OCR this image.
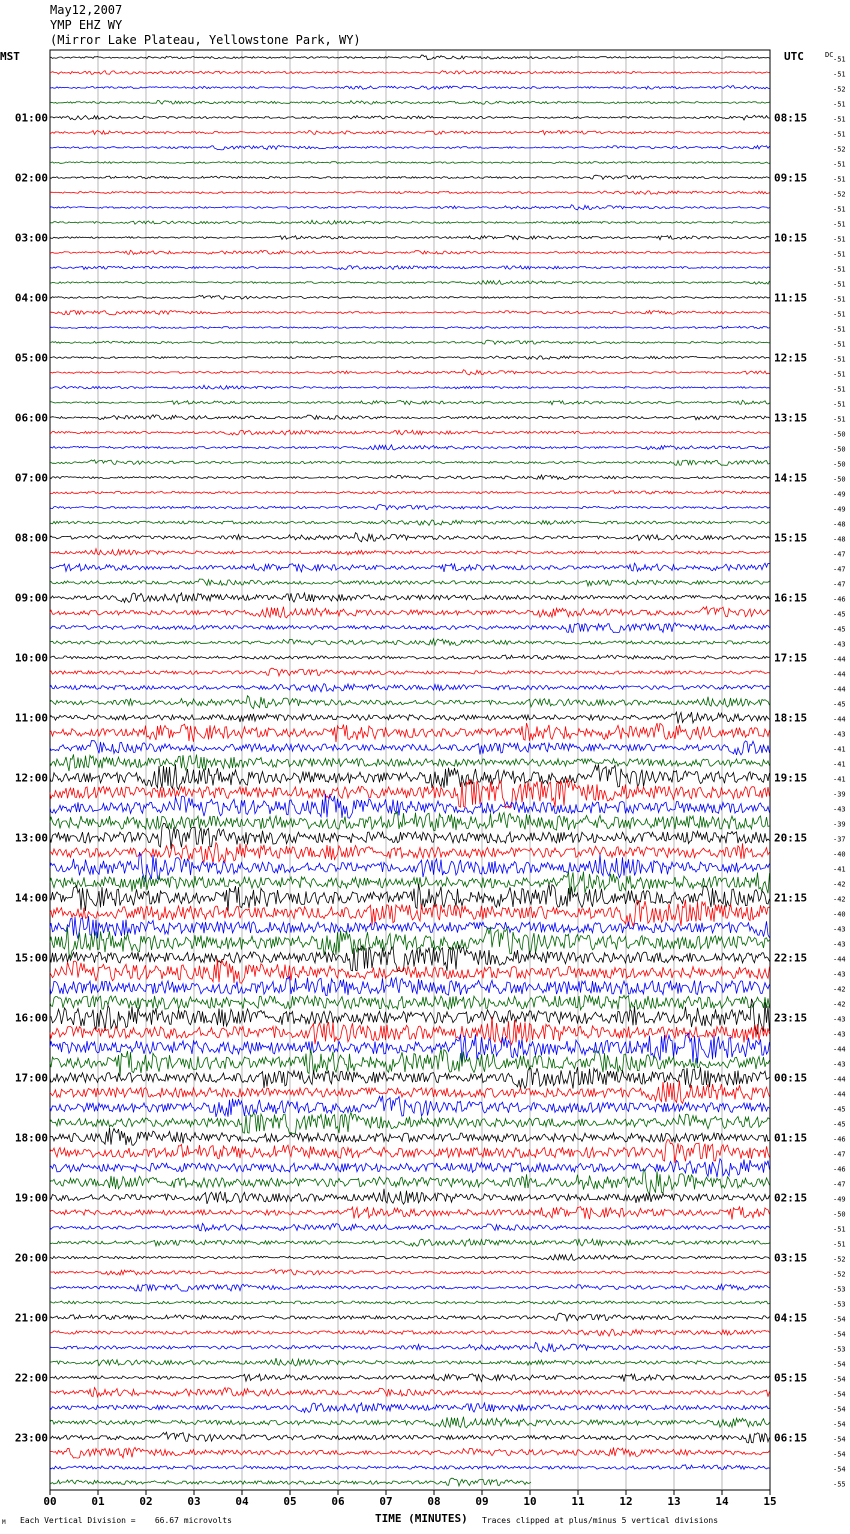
May12,2007
YMP EHZ WY
(Mirror Lake Plateau, Yellowstone Park, WY)
MST	UTC
01:00
02:00
03:00
04:00
05:00
06:00
07:00
08:00
09:00
10:00
11:00
12:00
13:00
14:00
15:00
16:00
17:00
18:00
19:00
20:00
21:00
22:00
23:00
08:15
09:15
10:15
11:15
12:15
13:15
14:15
15:15
16:15
17:15
18:15
19:15
20:15
21:15
22:15
23:15
00:15
01:15
02:15
03:15
04:15
05:15
06:15
DC
-51
-51
-52
-51
-51
-51
-52
-51
-51
-52
-51
-51
-51
-51
-51
-51
-51
-51
-51
-51
-51
-51
-51
-51
-51
-50
-50
-50
-50
-49
-49
-48
-48
-47
-47
-47
-46
-45
-45
-43
-44
-44
-44
-45
-44
-43
-41
-41
-41
-39
-43
-39
-37
-40
-41
-42
-42
-40
-43
-43
-44
-43
-42
-42
-43
-43
-44
-43
-44
-44
-45
-45
-46
-47
-46
-47
-49
-50
-51
-51
-52
-52
-53
-53
-54
-54
-53
-54
-54
-54
-54
-54
-54
-54
-54
-55
00	01	02	03	04	05	06	07	08	09	10	11	12	13	14	15
TIME (MINUTES)
Each Vertical Division =    66.67 microvolts	Traces clipped at plus/minus 5 vertical divisions
M
